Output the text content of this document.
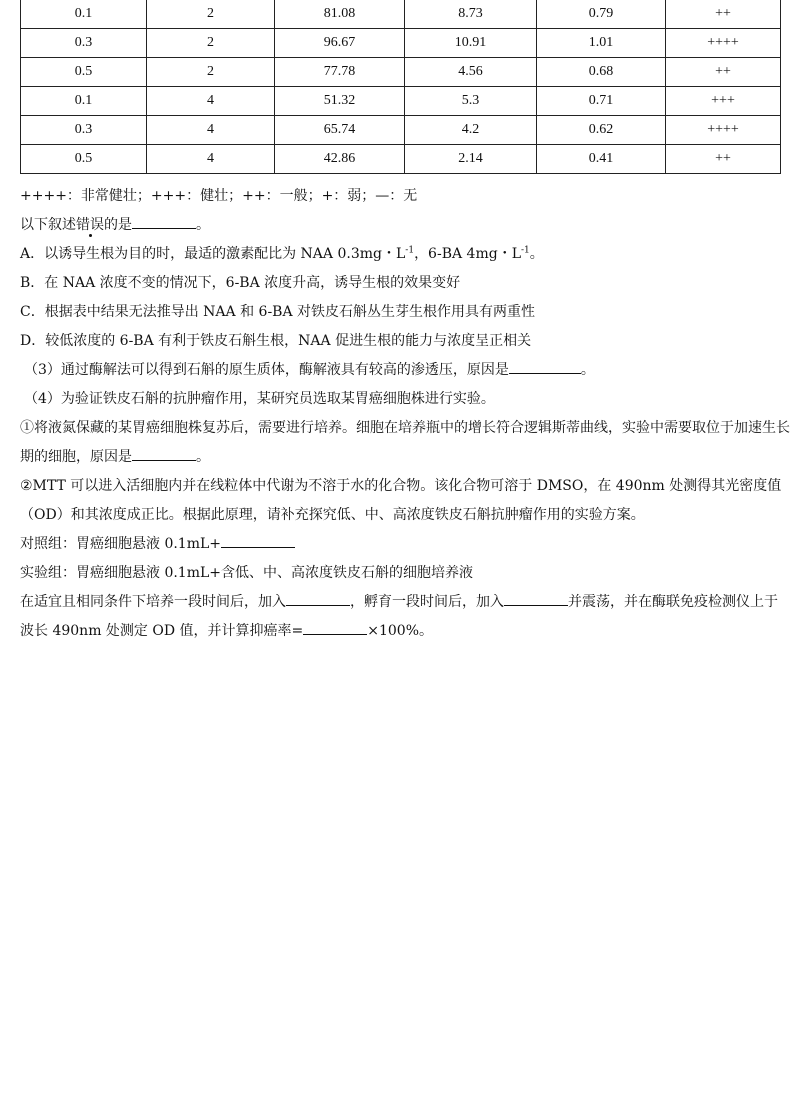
0.1	2	81.08	8.73	0.79	++
0.3	2	96.67	10.91	1.01	++++
0.5	2	77.78	4.56	0.68	++
0.1	4	51.32	5.3	0.71	+++
0.3	4	65.74	4.2	0.62	++++
0.5	4	42.86	2.14	0.41	++
++++：非常健壮；+++：健壮；++：一般；+：弱；—：无
以下叙述错误的是	。
A．以诱导生根为目的时，最适的激素配比为 NAA 0.3mg・$L^{-1}$，6-BA 4mg・$L^{-1}$。
B．在 NAA 浓度不变的情况下，6-BA 浓度升高，诱导生根的效果变好
C．根据表中结果无法推导出 NAA 和 6-BA 对铁皮石斛丛生芽生根作用具有两重性
D．较低浓度的 6-BA 有利于铁皮石斛生根，NAA 促进生根的能力与浓度呈正相关
（3）通过酶解法可以得到石斛的原生质体，酶解液具有较高的渗透压，原因是	。
（4）为验证铁皮石斛的抗肿瘤作用，某研究员选取某胃癌细胞株进行实验。
①将液氮保藏的某胃癌细胞株复苏后，需要进行培养。细胞在培养瓶中的增长符合逻辑斯蒂曲线，实验中需要取位于加速生长期的细胞，原因是	。
②MTT 可以进入活细胞内并在线粒体中代谢为不溶于水的化合物。该化合物可溶于 DMSO，在 490nm 处测得其光密度值（OD）和其浓度成正比。根据此原理，请补充探究低、中、高浓度铁皮石斛抗肿瘤作用的实验方案。
对照组：胃癌细胞悬液 0.1mL+
实验组：胃癌细胞悬液 0.1mL+含低、中、高浓度铁皮石斛的细胞培养液
在适宜且相同条件下培养一段时间后，加入	，孵育一段时间后，加入	并震荡，并在酶联免疫检测仪上于波长 490nm 处测定 OD 值，并计算抑癌率=	×100%。
